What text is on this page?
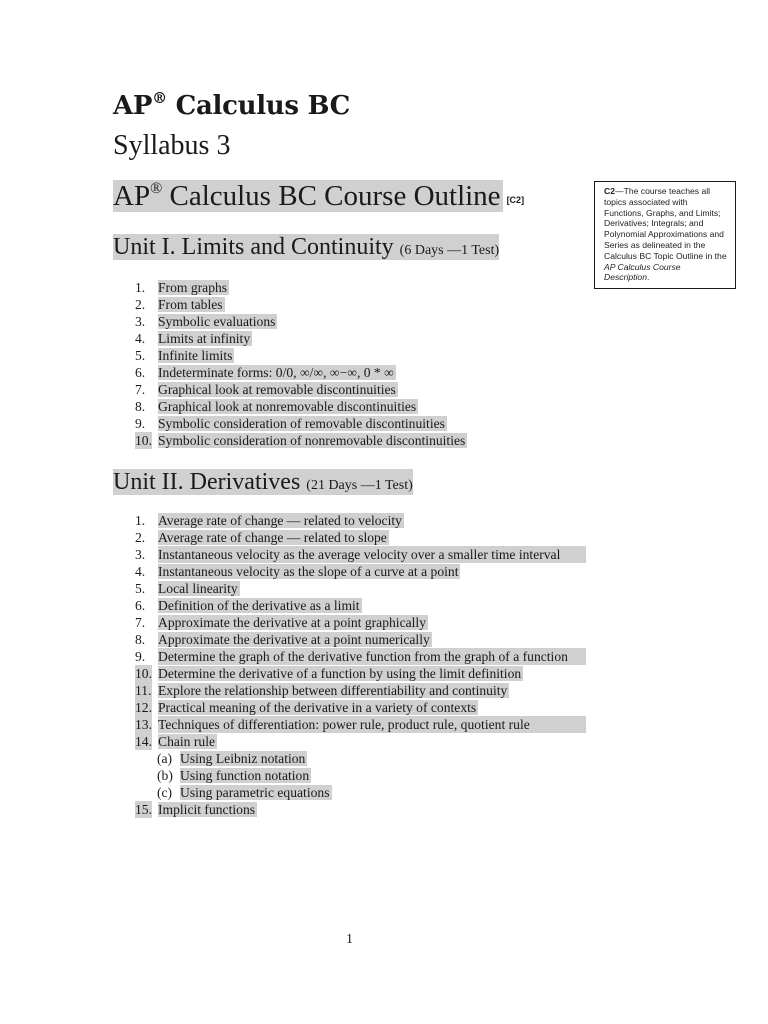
AP® Calculus BC
Syllabus 3
AP® Calculus BC Course Outline [C2]
C2—The course teaches all topics associated with Functions, Graphs, and Limits; Derivatives; Integrals; and Polynomial Approximations and Series as delineated in the Calculus BC Topic Outline in the AP Calculus Course Description.
Unit I. Limits and Continuity (6 Days —1 Test)
1. From graphs
2. From tables
3. Symbolic evaluations
4. Limits at infinity
5. Infinite limits
6. Indeterminate forms: 0/0, ∞/∞, ∞−∞, 0 * ∞
7. Graphical look at removable discontinuities
8. Graphical look at nonremovable discontinuities
9. Symbolic consideration of removable discontinuities
10. Symbolic consideration of nonremovable discontinuities
Unit II. Derivatives (21 Days —1 Test)
1. Average rate of change — related to velocity
2. Average rate of change — related to slope
3. Instantaneous velocity as the average velocity over a smaller time interval
4. Instantaneous velocity as the slope of a curve at a point
5. Local linearity
6. Definition of the derivative as a limit
7. Approximate the derivative at a point graphically
8. Approximate the derivative at a point numerically
9. Determine the graph of the derivative function from the graph of a function
10. Determine the derivative of a function by using the limit definition
11. Explore the relationship between differentiability and continuity
12. Practical meaning of the derivative in a variety of contexts
13. Techniques of differentiation: power rule, product rule, quotient rule
14. Chain rule
(a) Using Leibniz notation
(b) Using function notation
(c) Using parametric equations
15. Implicit functions
1
